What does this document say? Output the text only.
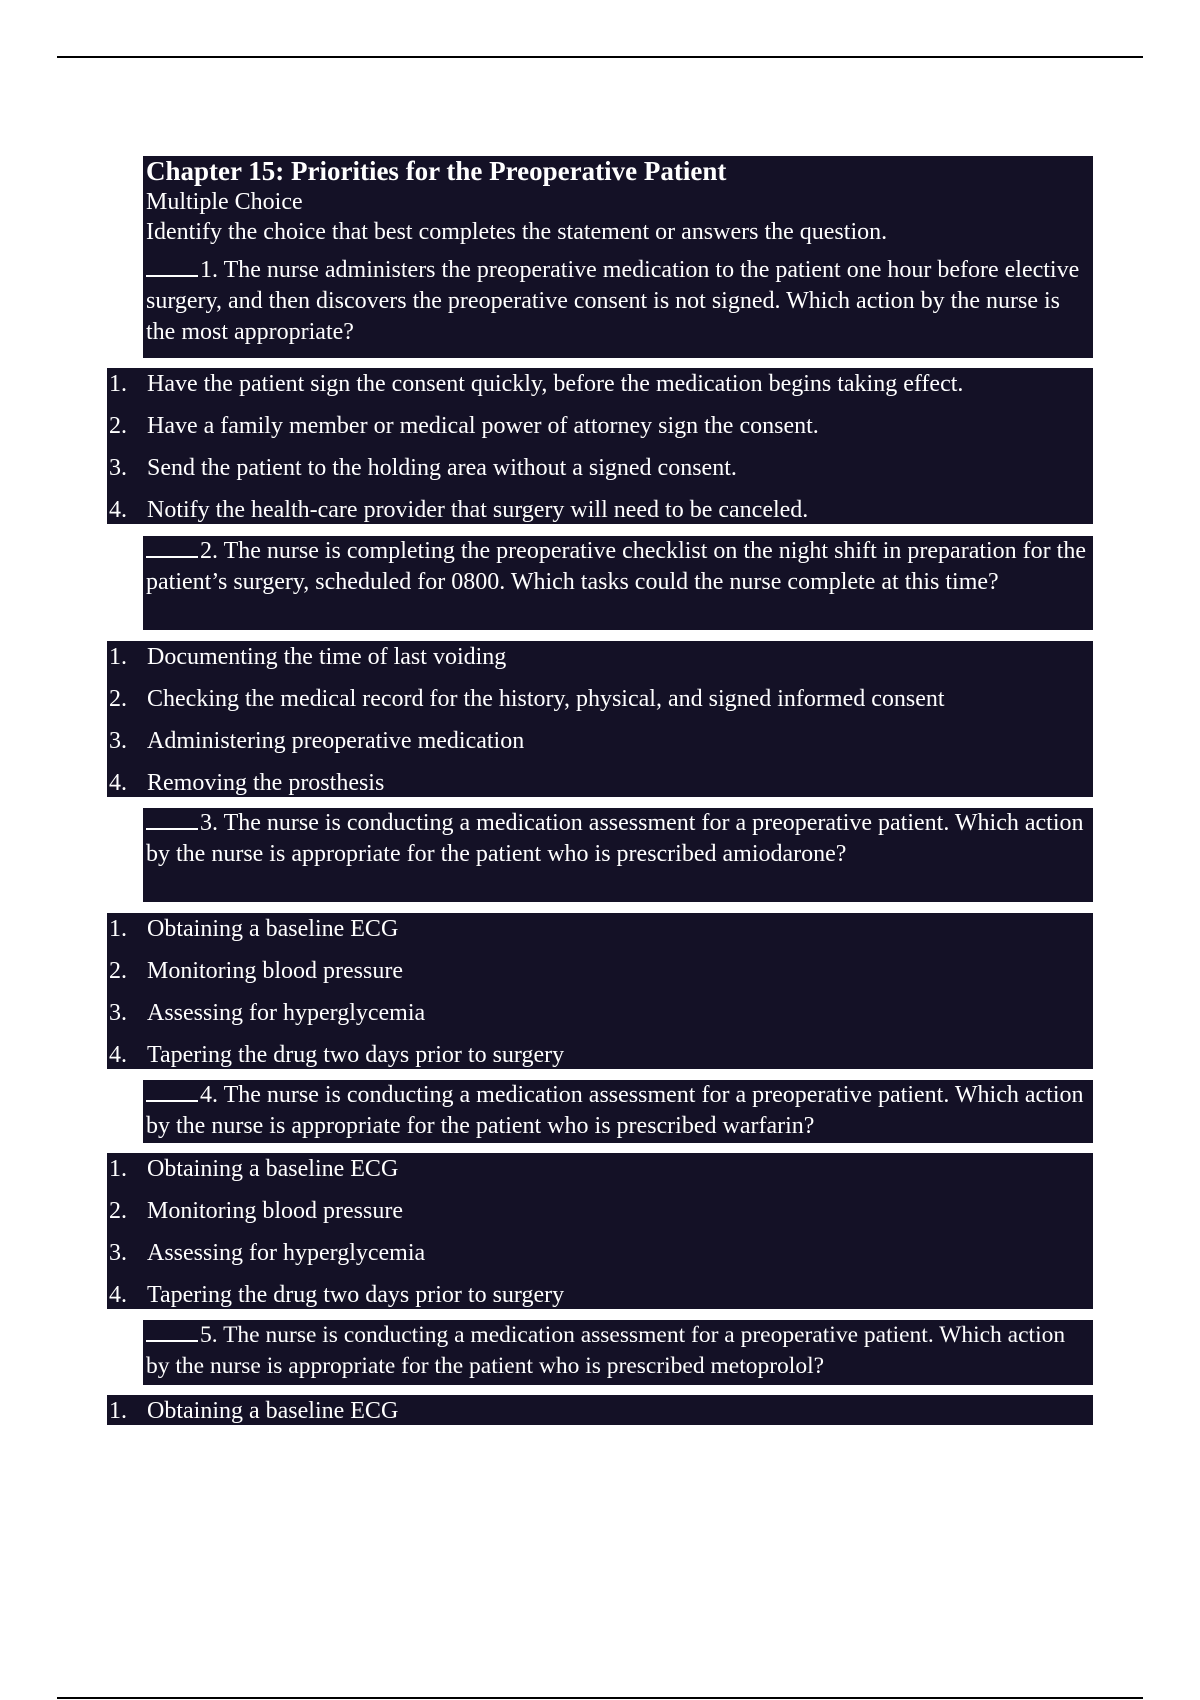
Chapter 15: Priorities for the Preoperative Patient
Multiple Choice
Identify the choice that best completes the statement or answers the question.

1. The nurse administers the preoperative medication to the patient one hour before elective surgery, and then discovers the preoperative consent is not signed. Which action by the nurse is the most appropriate?

1. Have the patient sign the consent quickly, before the medication begins taking effect.
2. Have a family member or medical power of attorney sign the consent.
3. Send the patient to the holding area without a signed consent.
4. Notify the health-care provider that surgery will need to be canceled.

2. The nurse is completing the preoperative checklist on the night shift in preparation for the patient’s surgery, scheduled for 0800. Which tasks could the nurse complete at this time?

1. Documenting the time of last voiding
2. Checking the medical record for the history, physical, and signed informed consent
3. Administering preoperative medication
4. Removing the prosthesis

3. The nurse is conducting a medication assessment for a preoperative patient. Which action by the nurse is appropriate for the patient who is prescribed amiodarone?

1. Obtaining a baseline ECG
2. Monitoring blood pressure
3. Assessing for hyperglycemia
4. Tapering the drug two days prior to surgery

4. The nurse is conducting a medication assessment for a preoperative patient. Which action by the nurse is appropriate for the patient who is prescribed warfarin?

1. Obtaining a baseline ECG
2. Monitoring blood pressure
3. Assessing for hyperglycemia
4. Tapering the drug two days prior to surgery

5. The nurse is conducting a medication assessment for a preoperative patient. Which action by the nurse is appropriate for the patient who is prescribed metoprolol?

1. Obtaining a baseline ECG
